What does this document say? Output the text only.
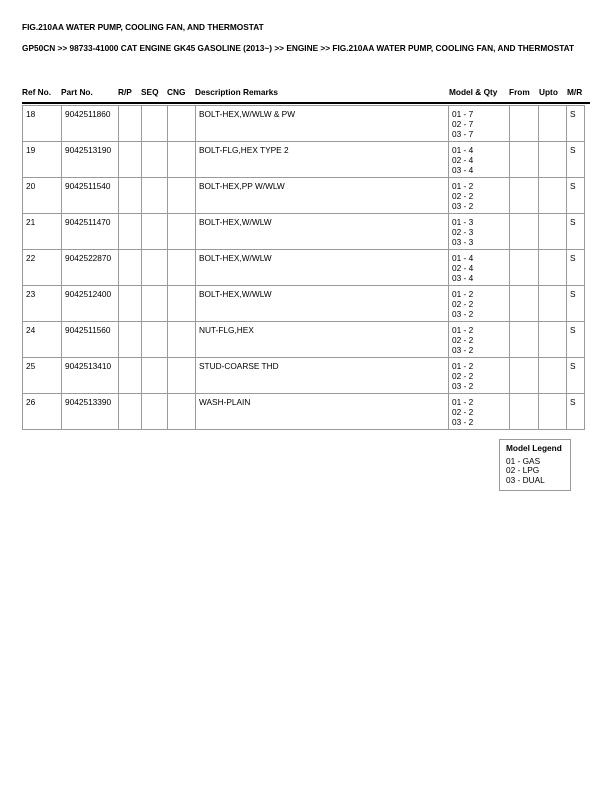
FIG.210AA WATER PUMP, COOLING FAN, AND THERMOSTAT
GP50CN >> 98733-41000 CAT ENGINE GK45 GASOLINE (2013~) >> ENGINE >> FIG.210AA WATER PUMP, COOLING FAN, AND THERMOSTAT
Ref No. Part No.	R/P SEQ CNG Description Remarks	Model & Qty From Upto M/R
18	9042511860				BOLT-HEX,W/WLW & PW	01 - 7
02 - 7
03 - 7			S
19	9042513190				BOLT-FLG,HEX TYPE 2	01 - 4
02 - 4
03 - 4			S
20	9042511540				BOLT-HEX,PP W/WLW	01 - 2
02 - 2
03 - 2			S
21	9042511470				BOLT-HEX,W/WLW	01 - 3
02 - 3
03 - 3			S
22	9042522870				BOLT-HEX,W/WLW	01 - 4
02 - 4
03 - 4			S
23	9042512400				BOLT-HEX,W/WLW	01 - 2
02 - 2
03 - 2			S
24	9042511560				NUT-FLG,HEX	01 - 2
02 - 2
03 - 2			S
25	9042513410				STUD-COARSE THD	01 - 2
02 - 2
03 - 2			S
26	9042513390				WASH-PLAIN	01 - 2
02 - 2
03 - 2			S
Model Legend
01 - GAS
02 - LPG
03 - DUAL
